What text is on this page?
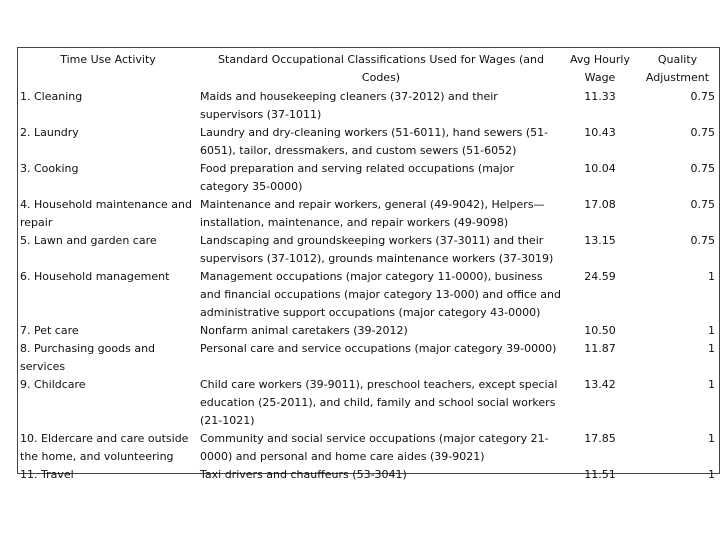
Time Use Activity	Standard Occupational Classifications Used for Wages (and Codes)	Avg Hourly Wage	Quality Adjustment
1. Cleaning	Maids and housekeeping cleaners (37-2012) and their supervisors (37-1011)	11.33	0.75
2. Laundry	Laundry and dry-cleaning workers (51-6011), hand sewers (51-6051), tailor, dressmakers, and custom sewers (51-6052)	10.43	0.75
3. Cooking	Food preparation and serving related occupations (major category 35-0000)	10.04	0.75
4. Household maintenance and repair	Maintenance and repair workers, general (49-9042), Helpers—installation, maintenance, and repair workers (49-9098)	17.08	0.75
5. Lawn and garden care	Landscaping and groundskeeping workers (37-3011) and their supervisors (37-1012), grounds maintenance workers (37-3019)	13.15	0.75
6. Household management	Management occupations (major category 11-0000), business and financial occupations (major category 13-000) and office and administrative support occupations (major category 43-0000)	24.59	1
7. Pet care	Nonfarm animal caretakers (39-2012)	10.50	1
8. Purchasing goods and services	Personal care and service occupations (major category 39-0000)	11.87	1
9. Childcare	Child care workers (39-9011), preschool teachers, except special education (25-2011), and child, family and school social workers (21-1021)	13.42	1
10. Eldercare and care outside the home, and volunteering	Community and social service occupations (major category 21-0000) and personal and home care aides (39-9021)	17.85	1
11. Travel	Taxi drivers and chauffeurs (53-3041)	11.51	1
